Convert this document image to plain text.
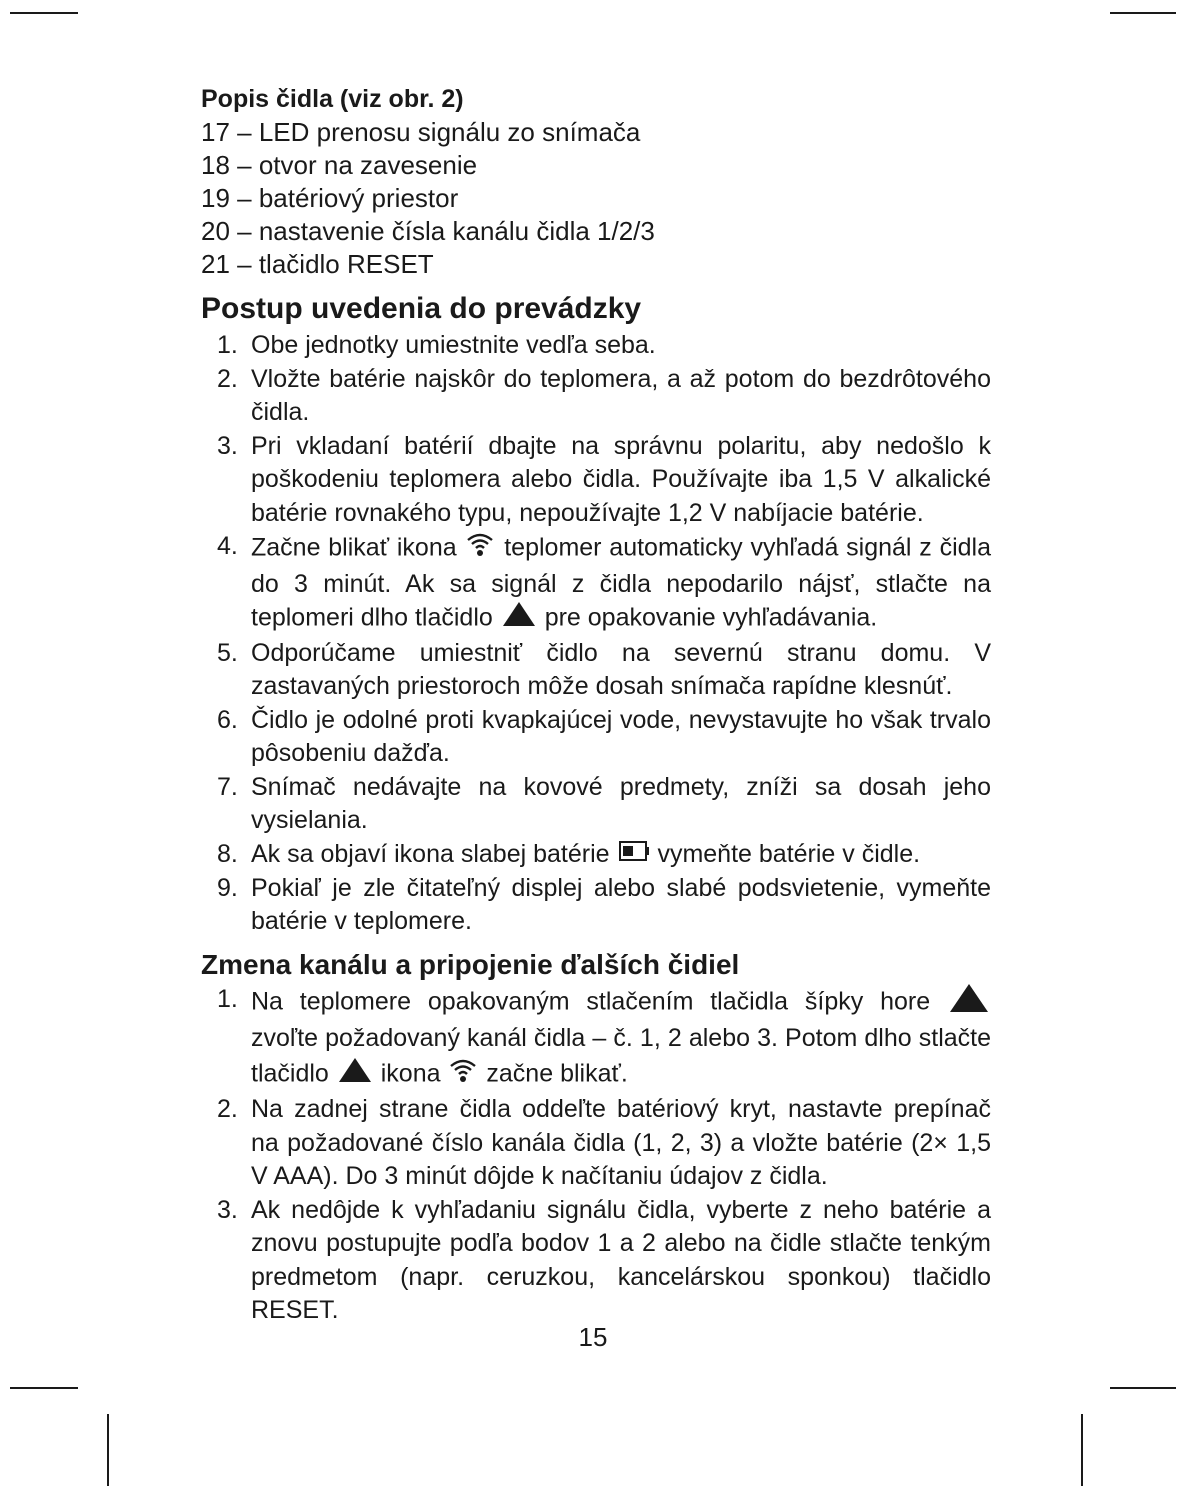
Popis čidla (viz obr. 2)
17 – LED prenosu signálu zo snímača
18 – otvor na zavesenie
19 – batériový priestor
20 – nastavenie čísla kanálu čidla 1/2/3
21 – tlačidlo RESET
Postup uvedenia do prevádzky
1. Obe jednotky umiestnite vedľa seba.
2. Vložte batérie najskôr do teplomera, a až potom do bezdrôtového čidla.
3. Pri vkladaní batérií dbajte na správnu polaritu, aby nedošlo k poškodeniu teplomera alebo čidla. Používajte iba 1,5 V alkalické batérie rovnakého typu, nepoužívajte 1,2 V nabíjacie batérie.
4. Začne blikať ikona teplomer automaticky vyhľadá signál z čidla do 3 minút. Ak sa signál z čidla nepodarilo nájsť, stlačte na teplomeri dlho tlačidlo pre opakovanie vyhľadávania.
5. Odporúčame umiestniť čidlo na severnú stranu domu. V zastavaných priestoroch môže dosah snímača rapídne klesnúť.
6. Čidlo je odolné proti kvapkajúcej vode, nevystavujte ho však trvalo pôsobeniu dažďa.
7. Snímač nedávajte na kovové predmety, zníži sa dosah jeho vysielania.
8. Ak sa objaví ikona slabej batérie vymeňte batérie v čidle.
9. Pokiaľ je zle čitateľný displej alebo slabé podsvietenie, vymeňte batérie v teplomere.
Zmena kanálu a pripojenie ďalších čidiel
1. Na teplomere opakovaným stlačením tlačidla šípky hore  zvoľte požadovaný kanál čidla – č. 1, 2 alebo 3. Potom dlho stlačte tlačidlo ikona začne blikať.
2. Na zadnej strane čidla oddeľte batériový kryt, nastavte prepínač na požadované číslo kanála čidla (1, 2, 3) a vložte batérie (2× 1,5 V AAA). Do 3 minút dôjde k načítaniu údajov z čidla.
3. Ak nedôjde k vyhľadaniu signálu čidla, vyberte z neho batérie a znovu postupujte podľa bodov 1 a 2 alebo na čidle stlačte tenkým predmetom (napr. ceruzkou, kancelárskou sponkou) tlačidlo RESET.
15
